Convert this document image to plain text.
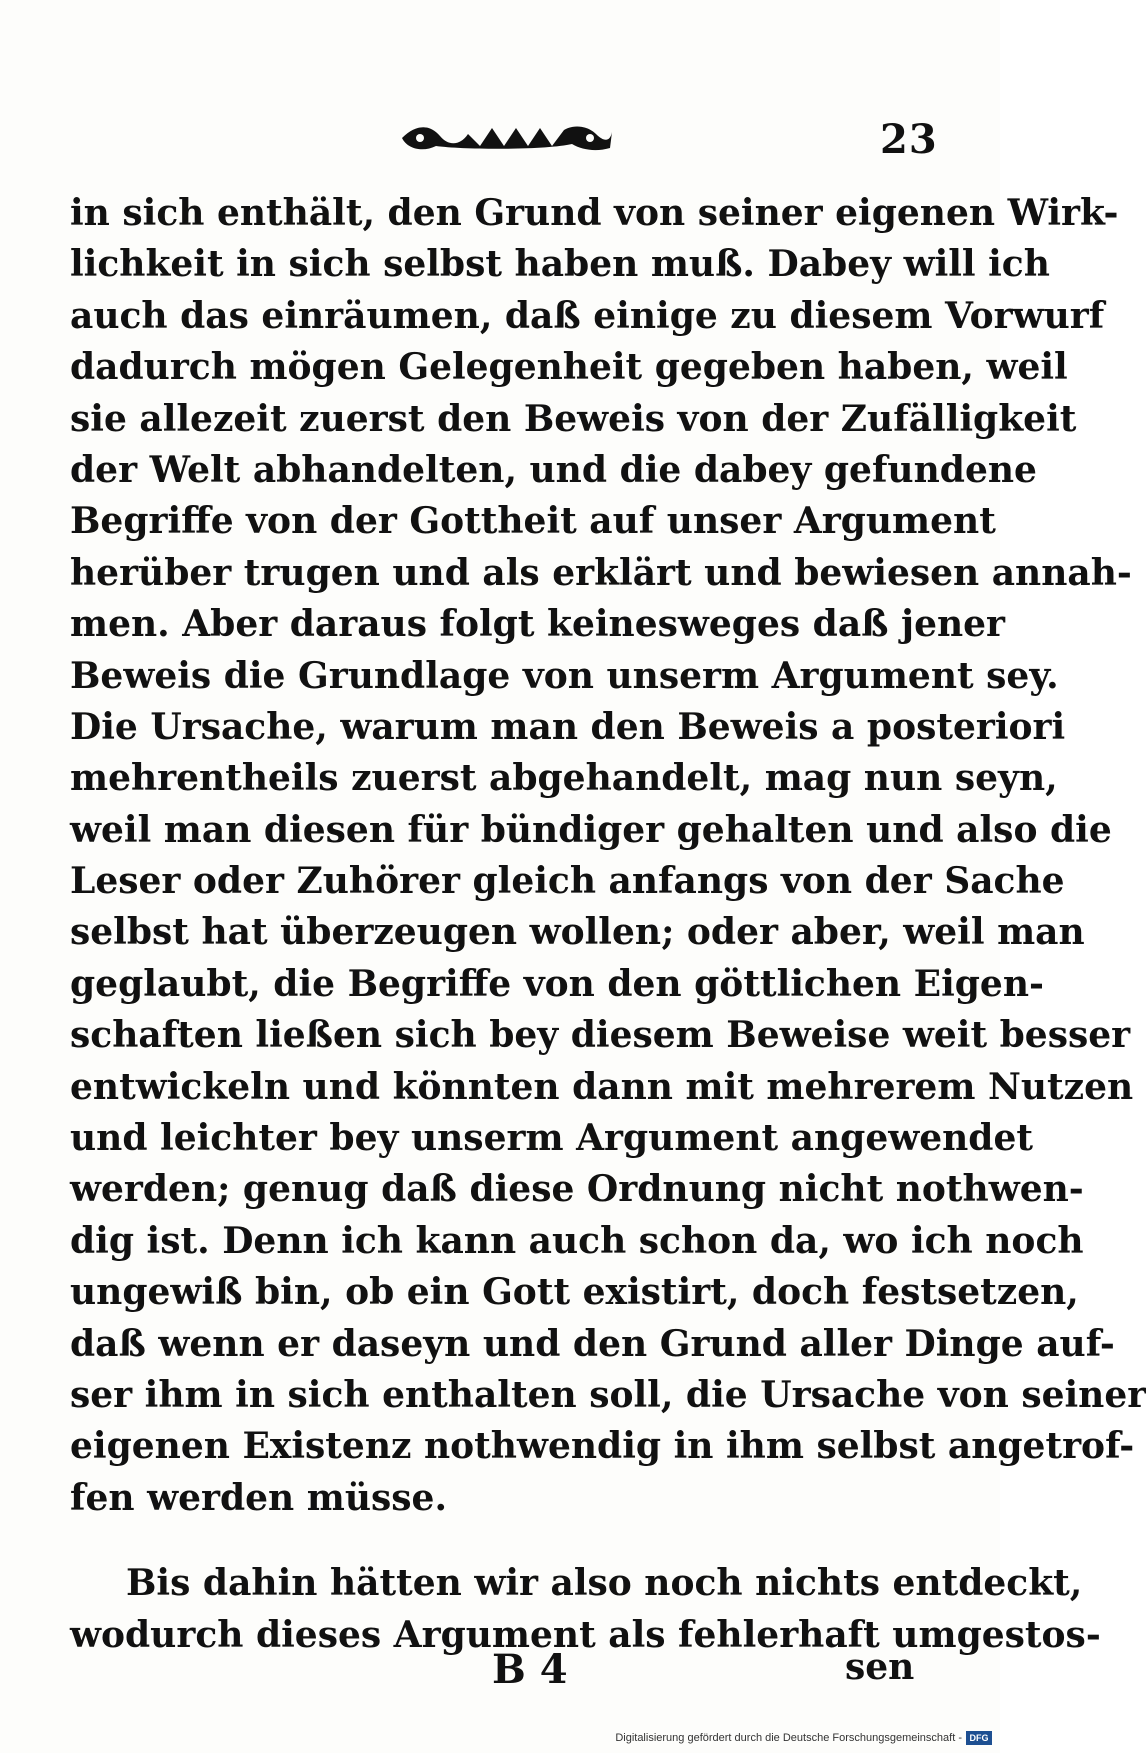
23
in sich enthält, den Grund von seiner eigenen Wirk-
lichkeit in sich selbst haben muß. Dabey will ich
auch das einräumen, daß einige zu diesem Vorwurf
dadurch mögen Gelegenheit gegeben haben, weil
sie allezeit zuerst den Beweis von der Zufälligkeit
der Welt abhandelten, und die dabey gefundene
Begriffe von der Gottheit auf unser Argument
herüber trugen und als erklärt und bewiesen annah-
men. Aber daraus folgt keinesweges daß jener
Beweis die Grundlage von unserm Argument sey.
Die Ursache, warum man den Beweis a posteriori
mehrentheils zuerst abgehandelt, mag nun seyn,
weil man diesen für bündiger gehalten und also die
Leser oder Zuhörer gleich anfangs von der Sache
selbst hat überzeugen wollen; oder aber, weil man
geglaubt, die Begriffe von den göttlichen Eigen-
schaften ließen sich bey diesem Beweise weit besser
entwickeln und könnten dann mit mehrerem Nutzen
und leichter bey unserm Argument angewendet
werden; genug daß diese Ordnung nicht nothwen-
dig ist. Denn ich kann auch schon da, wo ich noch
ungewiß bin, ob ein Gott existirt, doch festsetzen,
daß wenn er daseyn und den Grund aller Dinge auf-
ser ihm in sich enthalten soll, die Ursache von seiner
eigenen Existenz nothwendig in ihm selbst angetrof-
fen werden müsse.
Bis dahin hätten wir also noch nichts entdeckt,
wodurch dieses Argument als fehlerhaft umgestos-
B 4	sen
Digitalisierung gefördert durch die Deutsche Forschungsgemeinschaft - DFG
